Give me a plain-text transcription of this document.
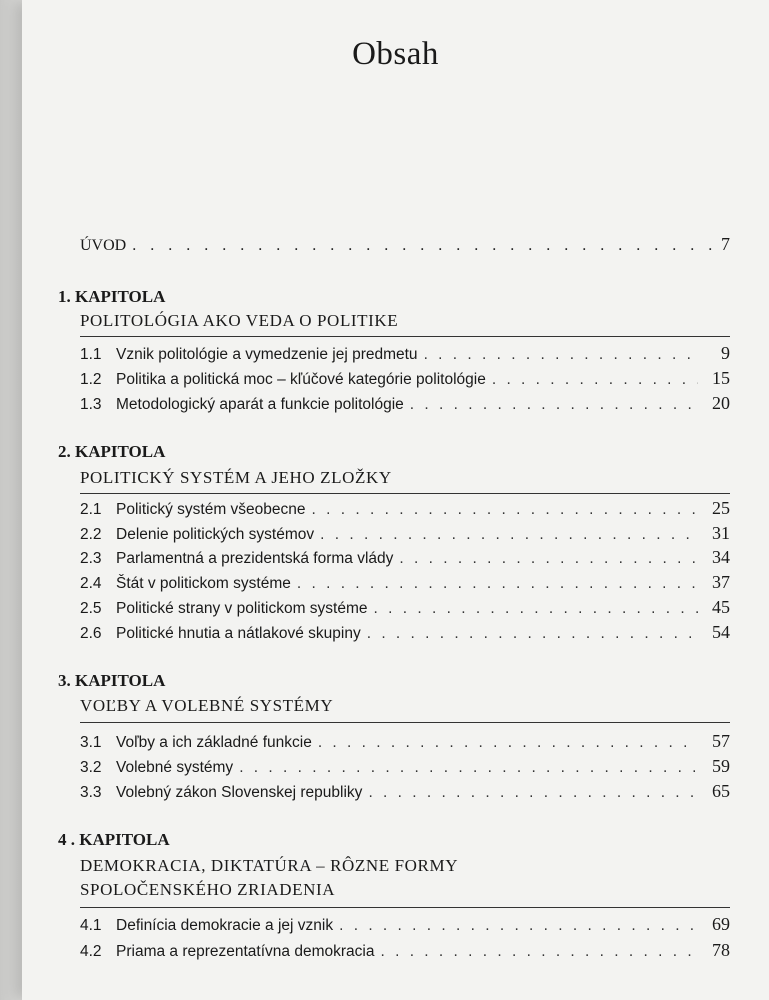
Obsah
ÚVOD . . .	7
1. KAPITOLA
POLITOLÓGIA AKO VEDA O POLITIKE
1.1 Vznik politológie a vymedzenie jej predmetu . . .	9
1.2 Politika a politická moc – kľúčové kategórie politológie . . .	15
1.3 Metodologický aparát a funkcie politológie . . .	20
2. KAPITOLA
POLITICKÝ SYSTÉM A JEHO ZLOŽKY
2.1 Politický systém všeobecne . . .	25
2.2 Delenie politických systémov . . .	31
2.3 Parlamentná a prezidentská forma vlády . . .	34
2.4 Štát v politickom systéme . . .	37
2.5 Politické strany v politickom systéme . . .	45
2.6 Politické hnutia a nátlakové skupiny . . .	54
3. KAPITOLA
VOĽBY A VOLEBNÉ SYSTÉMY
3.1 Voľby a ich základné funkcie . . .	57
3.2 Volebné systémy . . .	59
3.3 Volebný zákon Slovenskej republiky . . .	65
4 . KAPITOLA
DEMOKRACIA, DIKTATÚRA – RÔZNE FORMY SPOLOČENSKÉHO ZRIADENIA
4.1 Definícia demokracie a jej vznik . . .	69
4.2 Priama a reprezentatívna demokracia . . .	78
